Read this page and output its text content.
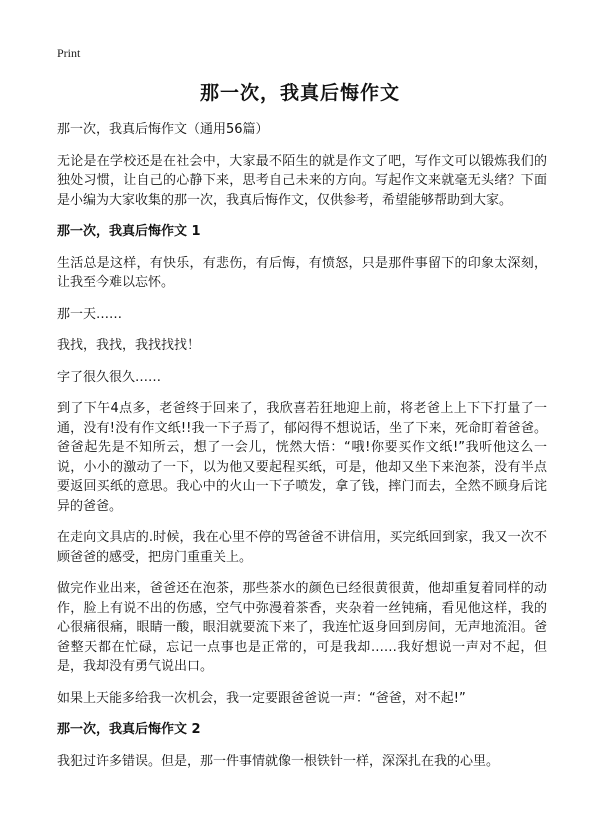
Print
那一次，我真后悔作文

那一次，我真后悔作文（通用56篇）

无论是在学校还是在社会中，大家最不陌生的就是作文了吧，写作文可以锻炼我们的独处习惯，让自己的心静下来，思考自己未来的方向。写起作文来就毫无头绪？下面是小编为大家收集的那一次，我真后悔作文，仅供参考，希望能够帮助到大家。

那一次，我真后悔作文 1

生活总是这样，有快乐，有悲伤，有后悔，有愤怒，只是那件事留下的印象太深刻，让我至今难以忘怀。

那一天……

我找，我找，我找找找！

字了很久很久……

到了下午4点多，老爸终于回来了，我欣喜若狂地迎上前，将老爸上上下下打量了一通，没有!没有作文纸!!我一下子焉了，郁闷得不想说话，坐了下来，死命盯着爸爸。爸爸起先是不知所云，想了一会儿，恍然大悟：“哦!你要买作文纸!”我听他这么一说，小小的激动了一下，以为他又要起程买纸，可是，他却又坐下来泡茶，没有半点要返回买纸的意思。我心中的火山一下子喷发，拿了钱，摔门而去，全然不顾身后诧异的爸爸。

在走向文具店的.时候，我在心里不停的骂爸爸不讲信用，买完纸回到家，我又一次不顾爸爸的感受，把房门重重关上。

做完作业出来，爸爸还在泡茶，那些茶水的颜色已经很黄很黄，他却重复着同样的动作，脸上有说不出的伤感，空气中弥漫着茶香，夹杂着一丝钝痛，看见他这样，我的心很痛很痛，眼睛一酸，眼泪就要流下来了，我连忙返身回到房间，无声地流泪。爸爸整天都在忙碌，忘记一点事也是正常的，可是我却……我好想说一声对不起，但是，我却没有勇气说出口。

如果上天能多给我一次机会，我一定要跟爸爸说一声：“爸爸，对不起!”

那一次，我真后悔作文 2

我犯过许多错误。但是，那一件事情就像一根铁针一样，深深扎在我的心里。
